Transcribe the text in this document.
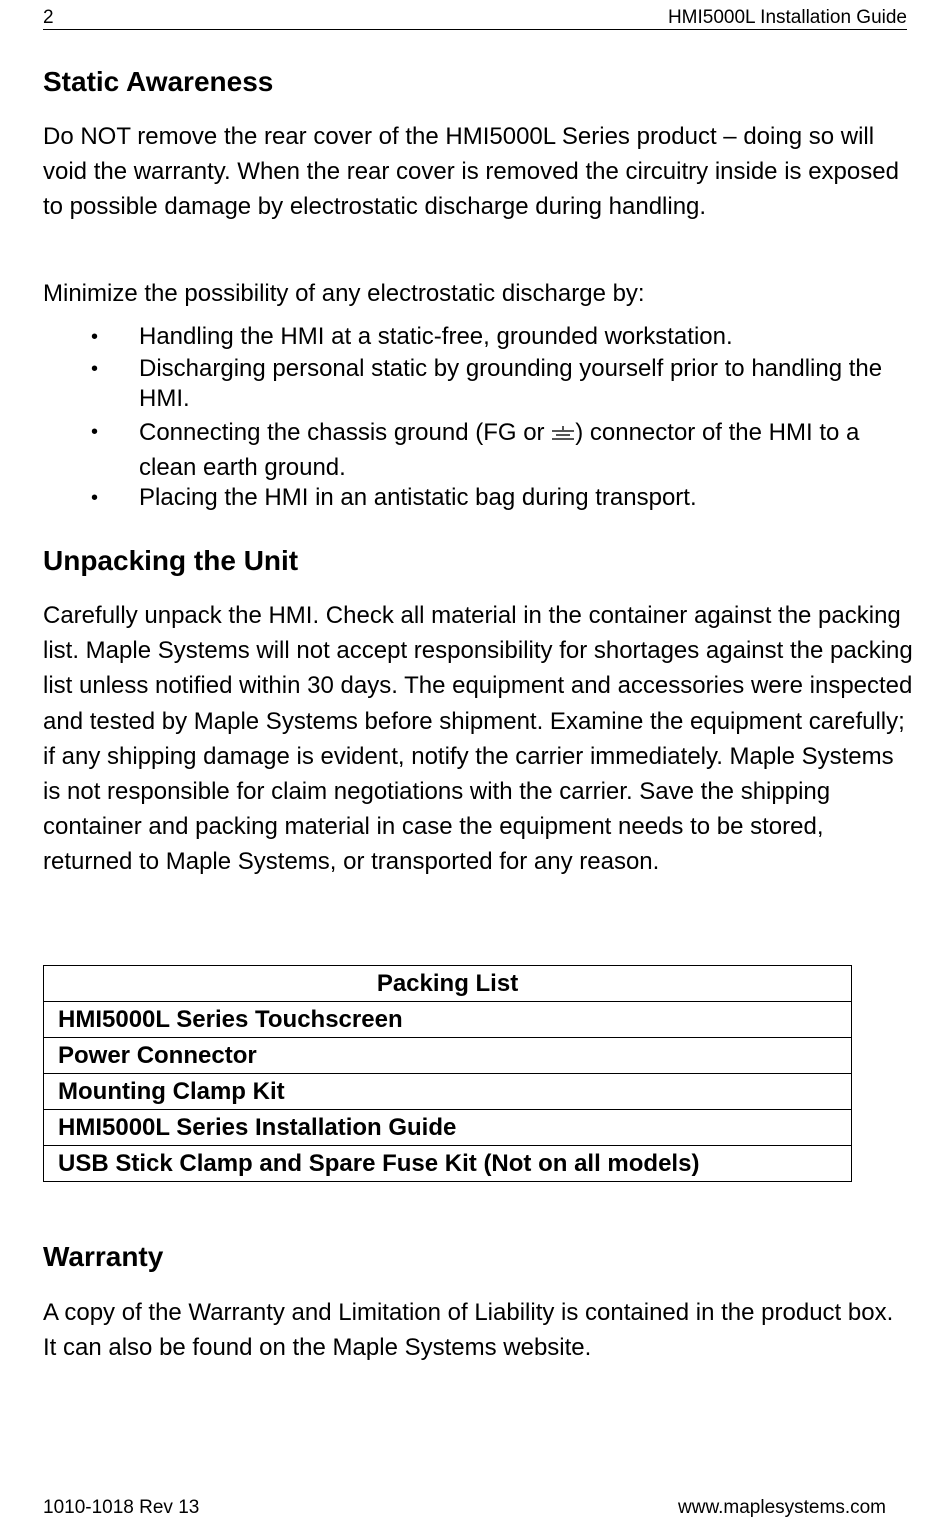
2	HMI5000L Installation Guide
Static Awareness

Do NOT remove the rear cover of the HMI5000L Series product – doing so will void the warranty. When the rear cover is removed the circuitry inside is exposed to possible damage by electrostatic discharge during handling.

Minimize the possibility of any electrostatic discharge by:

• Handling the HMI at a static-free, grounded workstation.
• Discharging personal static by grounding yourself prior to handling the HMI.
• Connecting the chassis ground (FG or ) connector of the HMI to a clean earth ground.
• Placing the HMI in an antistatic bag during transport.
Unpacking the Unit

Carefully unpack the HMI. Check all material in the container against the packing list. Maple Systems will not accept responsibility for shortages against the packing list unless notified within 30 days. The equipment and accessories were inspected and tested by Maple Systems before shipment. Examine the equipment carefully; if any shipping damage is evident, notify the carrier immediately. Maple Systems is not responsible for claim negotiations with the carrier. Save the shipping container and packing material in case the equipment needs to be stored, returned to Maple Systems, or transported for any reason.

Packing List
HMI5000L Series Touchscreen
Power Connector
Mounting Clamp Kit
HMI5000L Series Installation Guide
USB Stick Clamp and Spare Fuse Kit (Not on all models)
Warranty

A copy of the Warranty and Limitation of Liability is contained in the product box. It can also be found on the Maple Systems website.

1010-1018 Rev 13	www.maplesystems.com
